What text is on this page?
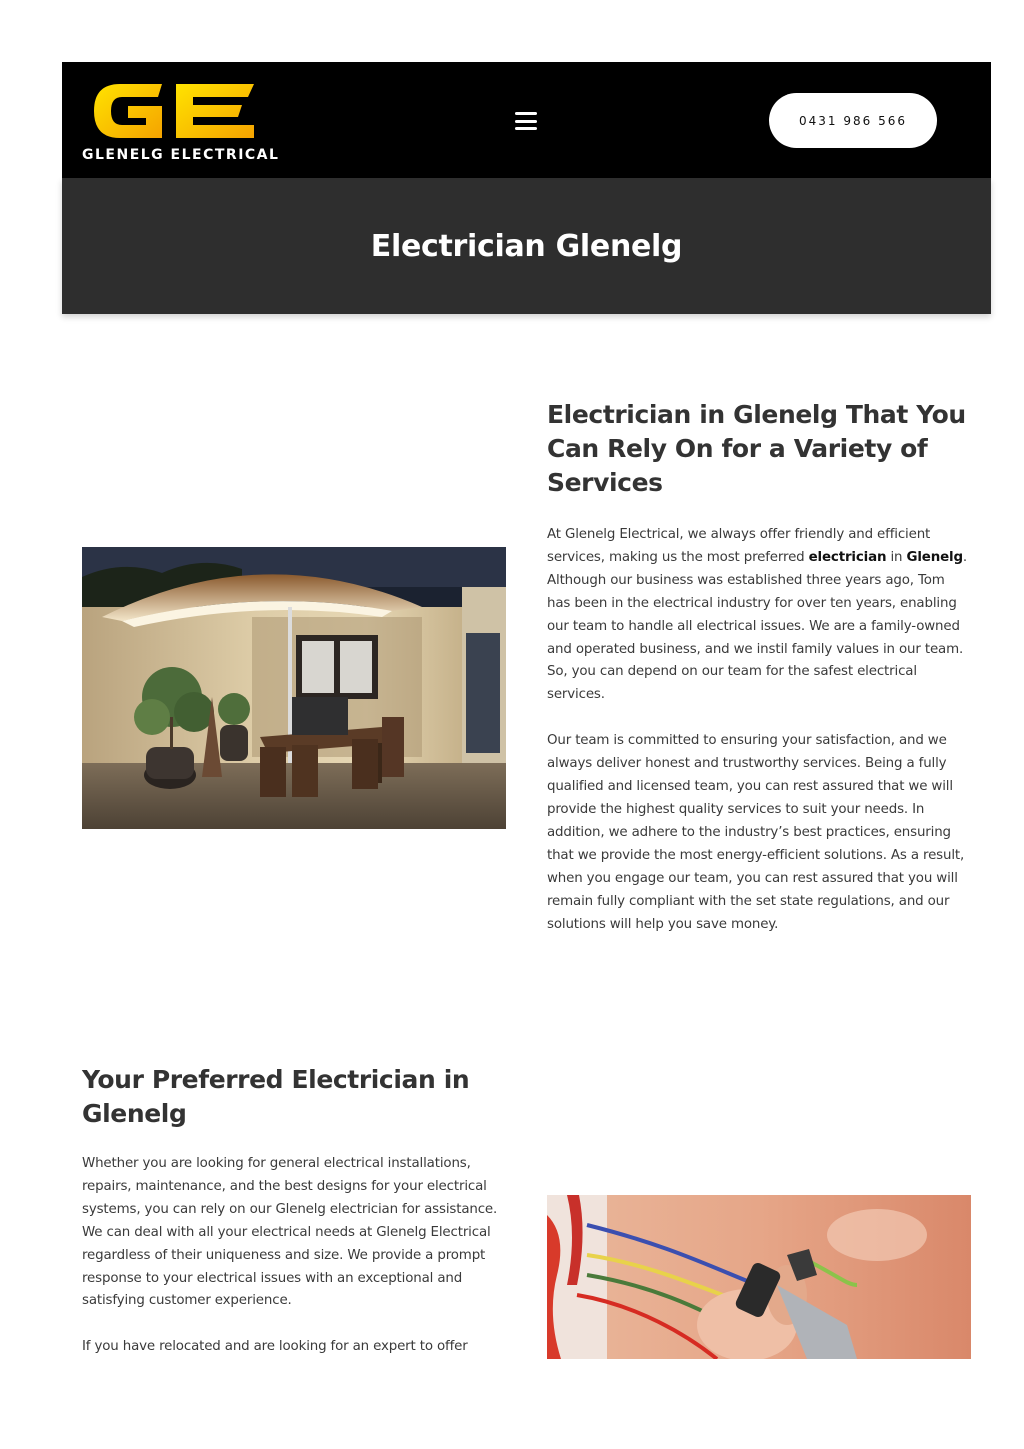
GLENELG ELECTRICAL
0431 986 566
Electrician Glenelg
Electrician in Glenelg That You Can Rely On for a Variety of Services

At Glenelg Electrical, we always offer friendly and efficient services, making us the most preferred electrician in Glenelg. Although our business was established three years ago, Tom has been in the electrical industry for over ten years, enabling our team to handle all electrical issues. We are a family-owned and operated business, and we instil family values in our team. So, you can depend on our team for the safest electrical services.

Our team is committed to ensuring your satisfaction, and we always deliver honest and trustworthy services. Being a fully qualified and licensed team, you can rest assured that we will provide the highest quality services to suit your needs. In addition, we adhere to the industry’s best practices, ensuring that we provide the most energy-efficient solutions. As a result, when you engage our team, you can rest assured that you will remain fully compliant with the set state regulations, and our solutions will help you save money.

Your Preferred Electrician in Glenelg

Whether you are looking for general electrical installations, repairs, maintenance, and the best designs for your electrical systems, you can rely on our Glenelg electrician for assistance. We can deal with all your electrical needs at Glenelg Electrical regardless of their uniqueness and size. We provide a prompt response to your electrical issues with an exceptional and satisfying customer experience.

If you have relocated and are looking for an expert to offer
